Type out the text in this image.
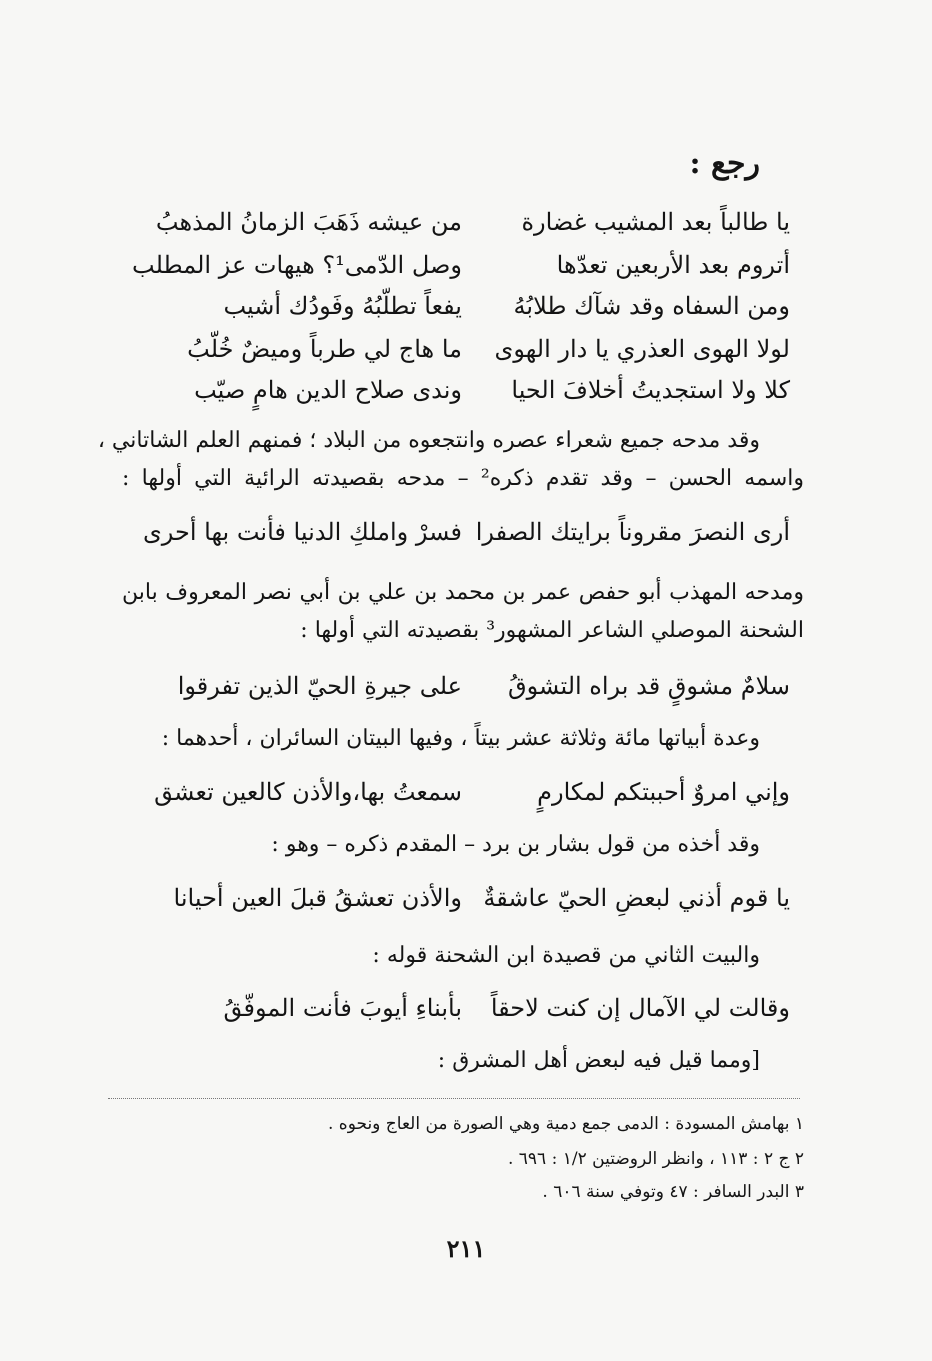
رجع :
يا طالباً بعد المشيب غضارة
من عيشه ذَهَبَ الزمانُ المذهبُ
أتروم بعد الأربعين تعدّها
وصل الدّمى¹؟ هيهات عز المطلب
ومن السفاه وقد شآك طلابُهُ
يفعاً تطلّبُهُ وفَودُك أشيب
لولا الهوى العذري يا دار الهوى
ما هاج لي طرباً وميضٌ خُلّبُ
كلا ولا استجديتُ أخلافَ الحيا
وندى صلاح الدين هامٍ صيّب
وقد مدحه جميع شعراء عصره وانتجعوه من البلاد ؛ فمنهم العلم الشاتاني ،
واسمه الحسن – وقد تقدم ذكره² – مدحه بقصيدته الرائية التي أولها :
أرى النصرَ مقروناً برايتك الصفرا
فسرْ واملكِ الدنيا فأنت بها أحرى
ومدحه المهذب أبو حفص عمر بن محمد بن علي بن أبي نصر المعروف بابن
الشحنة الموصلي الشاعر المشهور³ بقصيدته التي أولها :
سلامٌ مشوقٍ قد براه التشوقُ
على جيرةِ الحيّ الذين تفرقوا
وعدة أبياتها مائة وثلاثة عشر بيتاً ، وفيها البيتان السائران ، أحدهما :
وإني امروٌ أحببتكم لمكارمٍ
سمعتُ بها،والأذن كالعين تعشق
وقد أخذه من قول بشار بن برد – المقدم ذكره – وهو :
يا قوم أذني لبعضِ الحيّ عاشقةٌ
والأذن تعشقُ قبلَ العين أحيانا
والبيت الثاني من قصيدة ابن الشحنة قوله :
وقالت لي الآمال إن كنت لاحقاً
بأبناءِ أيوبَ فأنت الموفّقُ
[ومما قيل فيه لبعض أهل المشرق :
١ بهامش المسودة : الدمى جمع دمية وهي الصورة من العاج ونحوه .
٢ ج ٢ : ١١٣ ، وانظر الروضتين ١/٢ : ٦٩٦ .
٣ البدر السافر : ٤٧ وتوفي سنة ٦٠٦ .
٢١١
